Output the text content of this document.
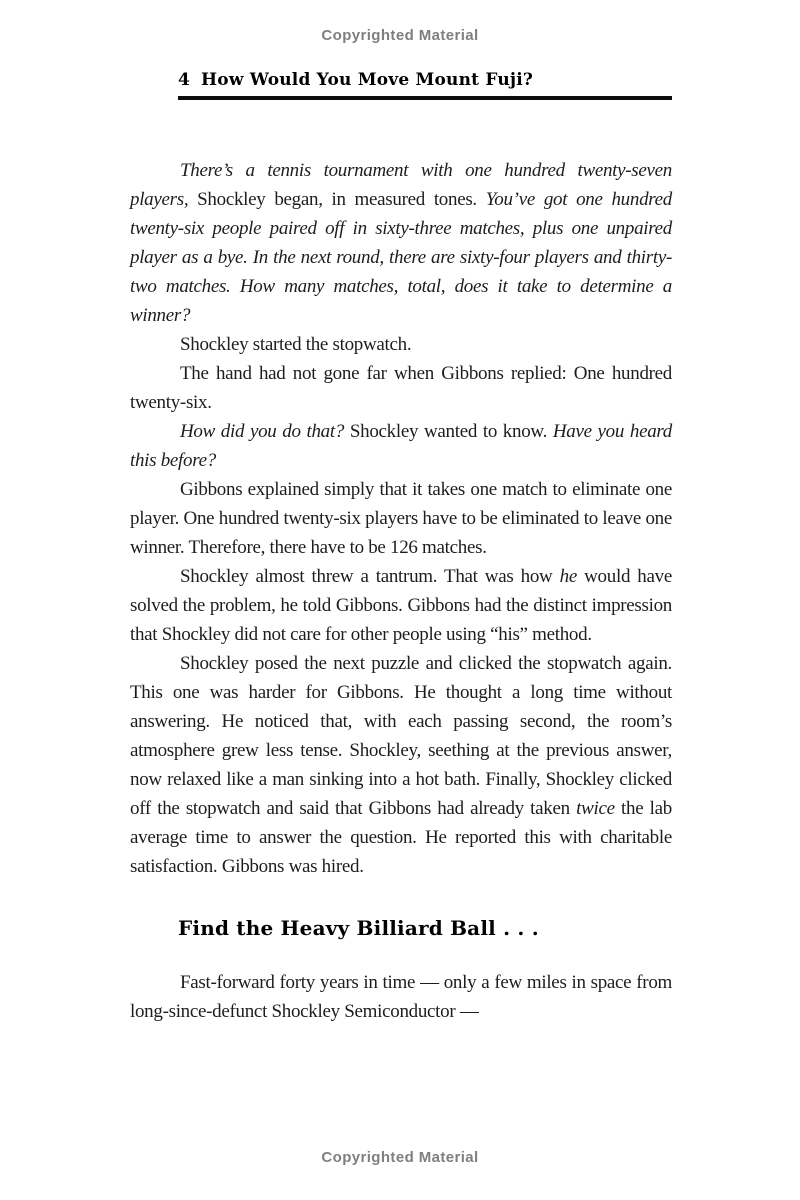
Copyrighted Material
4 How Would You Move Mount Fuji?

There’s a tennis tournament with one hundred twenty-seven players, Shockley began, in measured tones. You’ve got one hundred twenty-six people paired off in sixty-three matches, plus one unpaired player as a bye. In the next round, there are sixty-four players and thirty-two matches. How many matches, total, does it take to determine a winner?

Shockley started the stopwatch.

The hand had not gone far when Gibbons replied: One hundred twenty-six.

How did you do that? Shockley wanted to know. Have you heard this before?

Gibbons explained simply that it takes one match to eliminate one player. One hundred twenty-six players have to be eliminated to leave one winner. Therefore, there have to be 126 matches.

Shockley almost threw a tantrum. That was how he would have solved the problem, he told Gibbons. Gibbons had the distinct impression that Shockley did not care for other people using “his” method.

Shockley posed the next puzzle and clicked the stopwatch again. This one was harder for Gibbons. He thought a long time without answering. He noticed that, with each passing second, the room’s atmosphere grew less tense. Shockley, seething at the previous answer, now relaxed like a man sinking into a hot bath. Finally, Shockley clicked off the stopwatch and said that Gibbons had already taken twice the lab average time to answer the question. He reported this with charitable satisfaction. Gibbons was hired.

Find the Heavy Billiard Ball . . .

Fast-forward forty years in time — only a few miles in space from long-since-defunct Shockley Semiconductor —

Copyrighted Material
